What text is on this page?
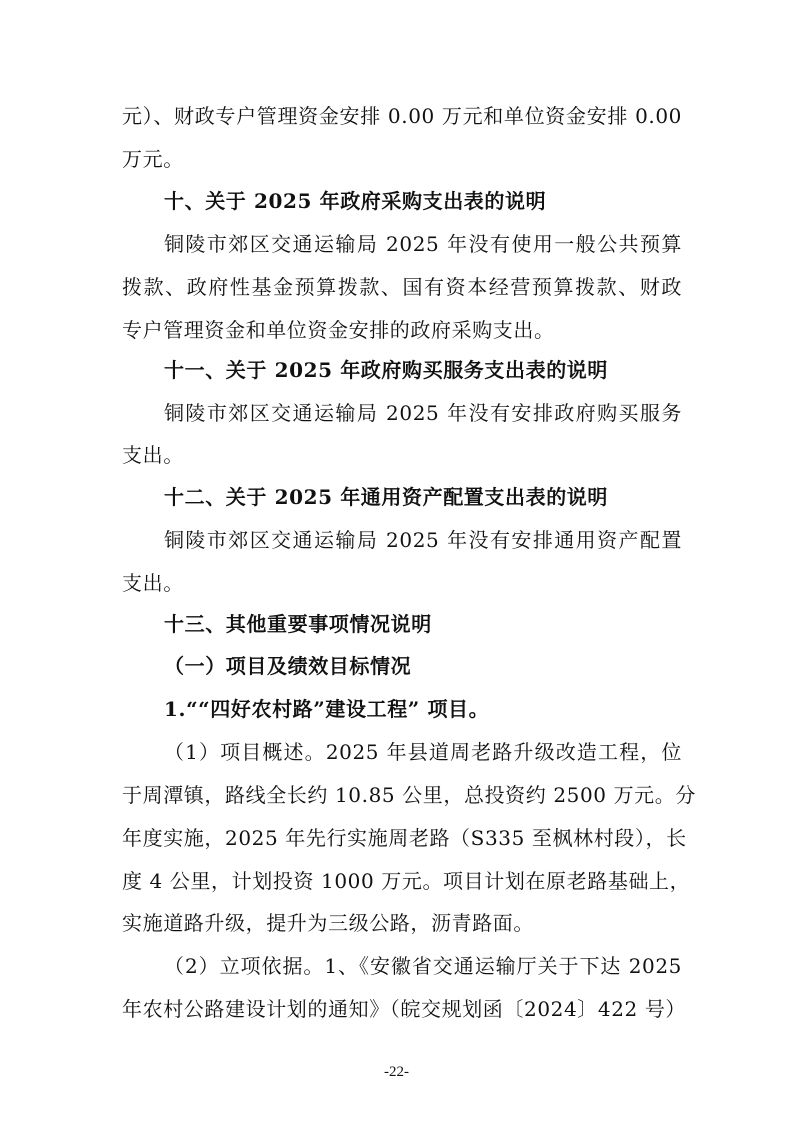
元）、财政专户管理资金安排 0.00 万元和单位资金安排 0.00
万元。
十、关于 2025 年政府采购支出表的说明
铜陵市郊区交通运输局 2025 年没有使用一般公共预算
拨款、政府性基金预算拨款、国有资本经营预算拨款、财政
专户管理资金和单位资金安排的政府采购支出。
十一、关于 2025 年政府购买服务支出表的说明
铜陵市郊区交通运输局 2025 年没有安排政府购买服务
支出。
十二、关于 2025 年通用资产配置支出表的说明
铜陵市郊区交通运输局 2025 年没有安排通用资产配置
支出。
十三、其他重要事项情况说明
（一）项目及绩效目标情况
1.““四好农村路”建设工程” 项目。
（1）项目概述。2025 年县道周老路升级改造工程，位
于周潭镇，路线全长约 10.85 公里，总投资约 2500 万元。分
年度实施，2025 年先行实施周老路（S335 至枫林村段），长
度 4 公里，计划投资 1000 万元。项目计划在原老路基础上，
实施道路升级，提升为三级公路，沥青路面。
（2）立项依据。1、《安徽省交通运输厅关于下达 2025
年农村公路建设计划的通知》（皖交规划函〔2024〕422 号）
-22-
